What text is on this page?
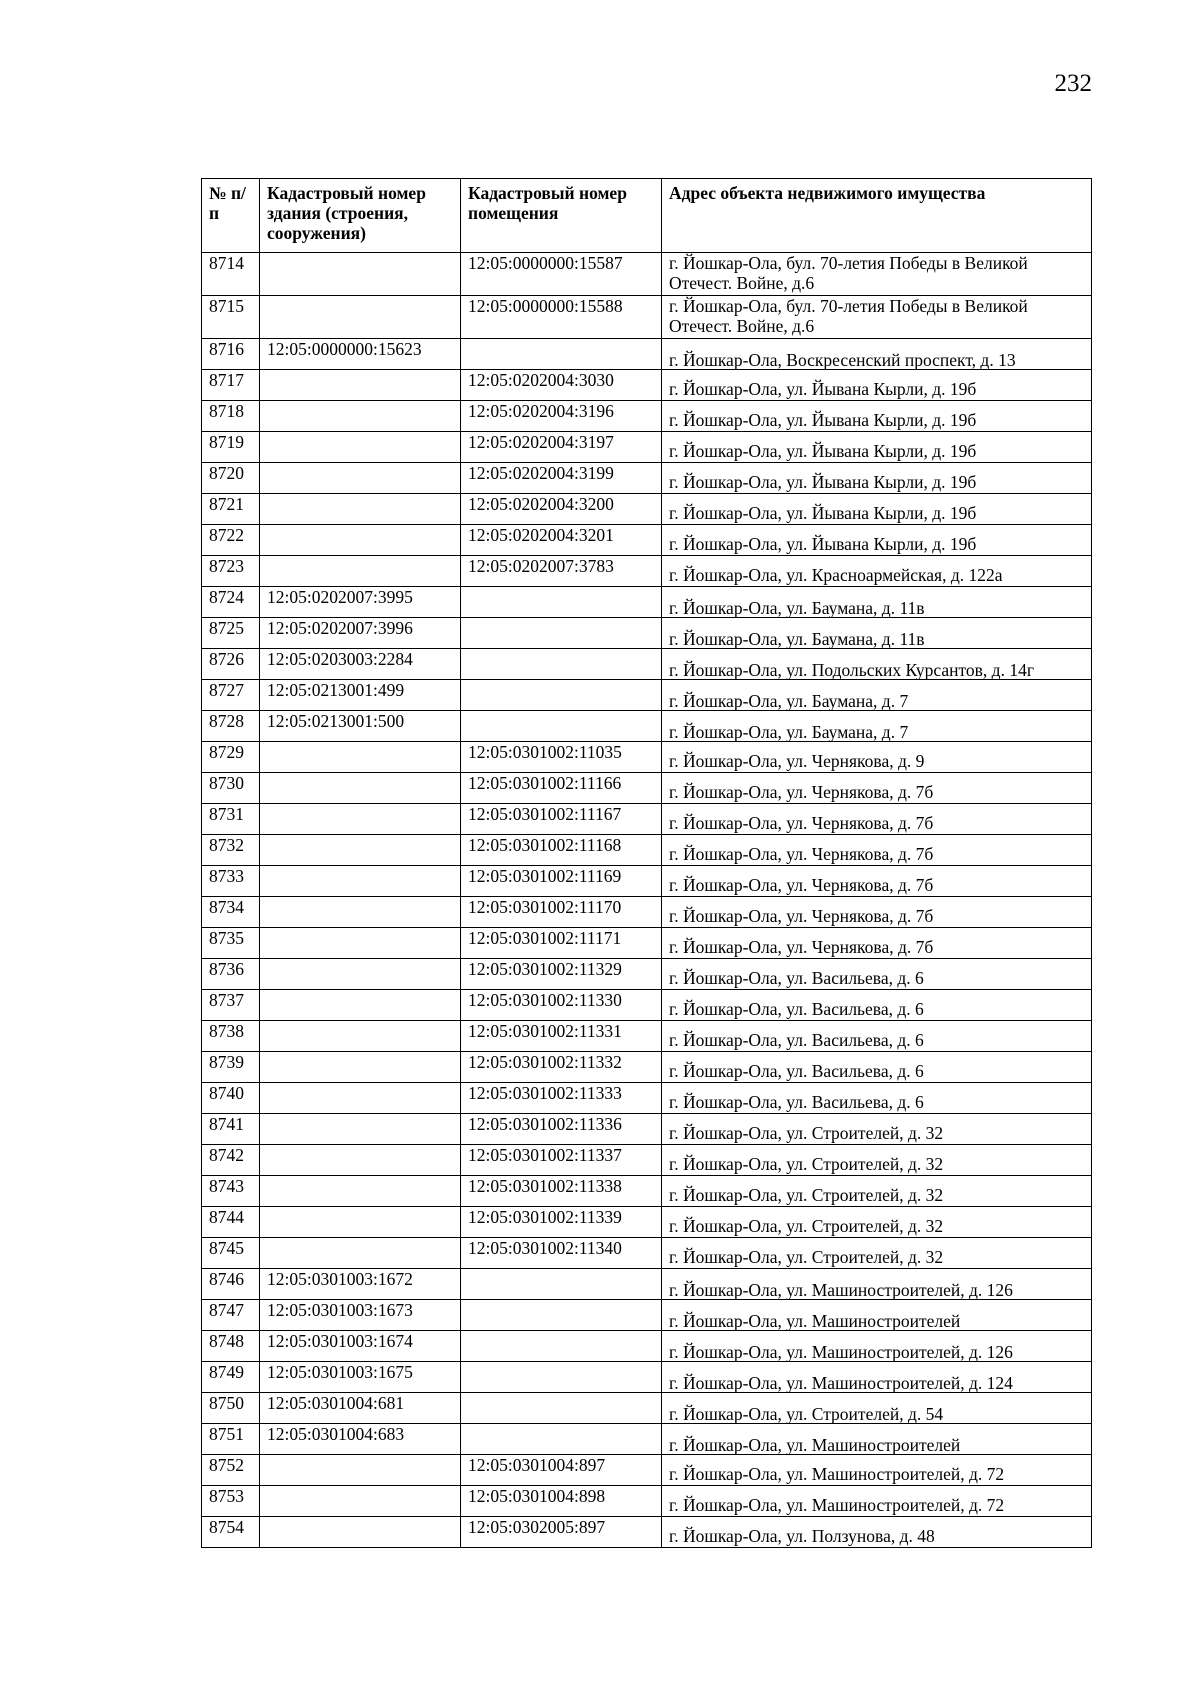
232
№ п/п	Кадастровый номер здания (строения, сооружения)	Кадастровый номер помещения	Адрес объекта недвижимого имущества
8714		12:05:0000000:15587	г. Йошкар-Ола, бул. 70-летия Победы в Великой Отечест. Войне, д.6
8715		12:05:0000000:15588	г. Йошкар-Ола, бул. 70-летия Победы в Великой Отечест. Войне, д.6
8716	12:05:0000000:15623		г. Йошкар-Ола, Воскресенский проспект, д. 13
8717		12:05:0202004:3030	г. Йошкар-Ола, ул. Йывана Кырли, д. 19б
8718		12:05:0202004:3196	г. Йошкар-Ола, ул. Йывана Кырли, д. 19б
8719		12:05:0202004:3197	г. Йошкар-Ола, ул. Йывана Кырли, д. 19б
8720		12:05:0202004:3199	г. Йошкар-Ола, ул. Йывана Кырли, д. 19б
8721		12:05:0202004:3200	г. Йошкар-Ола, ул. Йывана Кырли, д. 19б
8722		12:05:0202004:3201	г. Йошкар-Ола, ул. Йывана Кырли, д. 19б
8723		12:05:0202007:3783	г. Йошкар-Ола, ул. Красноармейская, д. 122а
8724	12:05:0202007:3995		г. Йошкар-Ола, ул. Баумана, д. 11в
8725	12:05:0202007:3996		г. Йошкар-Ола, ул. Баумана, д. 11в
8726	12:05:0203003:2284		г. Йошкар-Ола, ул. Подольских Курсантов, д. 14г
8727	12:05:0213001:499		г. Йошкар-Ола, ул. Баумана, д. 7
8728	12:05:0213001:500		г. Йошкар-Ола, ул. Баумана, д. 7
8729		12:05:0301002:11035	г. Йошкар-Ола, ул. Чернякова, д. 9
8730		12:05:0301002:11166	г. Йошкар-Ола, ул. Чернякова, д. 7б
8731		12:05:0301002:11167	г. Йошкар-Ола, ул. Чернякова, д. 7б
8732		12:05:0301002:11168	г. Йошкар-Ола, ул. Чернякова, д. 7б
8733		12:05:0301002:11169	г. Йошкар-Ола, ул. Чернякова, д. 7б
8734		12:05:0301002:11170	г. Йошкар-Ола, ул. Чернякова, д. 7б
8735		12:05:0301002:11171	г. Йошкар-Ола, ул. Чернякова, д. 7б
8736		12:05:0301002:11329	г. Йошкар-Ола, ул. Васильева, д. 6
8737		12:05:0301002:11330	г. Йошкар-Ола, ул. Васильева, д. 6
8738		12:05:0301002:11331	г. Йошкар-Ола, ул. Васильева, д. 6
8739		12:05:0301002:11332	г. Йошкар-Ола, ул. Васильева, д. 6
8740		12:05:0301002:11333	г. Йошкар-Ола, ул. Васильева, д. 6
8741		12:05:0301002:11336	г. Йошкар-Ола, ул. Строителей, д. 32
8742		12:05:0301002:11337	г. Йошкар-Ола, ул. Строителей, д. 32
8743		12:05:0301002:11338	г. Йошкар-Ола, ул. Строителей, д. 32
8744		12:05:0301002:11339	г. Йошкар-Ола, ул. Строителей, д. 32
8745		12:05:0301002:11340	г. Йошкар-Ола, ул. Строителей, д. 32
8746	12:05:0301003:1672		г. Йошкар-Ола, ул. Машиностроителей, д. 126
8747	12:05:0301003:1673		г. Йошкар-Ола, ул. Машиностроителей
8748	12:05:0301003:1674		г. Йошкар-Ола, ул. Машиностроителей, д. 126
8749	12:05:0301003:1675		г. Йошкар-Ола, ул. Машиностроителей, д. 124
8750	12:05:0301004:681		г. Йошкар-Ола, ул. Строителей, д. 54
8751	12:05:0301004:683		г. Йошкар-Ола, ул. Машиностроителей
8752		12:05:0301004:897	г. Йошкар-Ола, ул. Машиностроителей, д. 72
8753		12:05:0301004:898	г. Йошкар-Ола, ул. Машиностроителей, д. 72
8754		12:05:0302005:897	г. Йошкар-Ола, ул. Ползунова, д. 48
